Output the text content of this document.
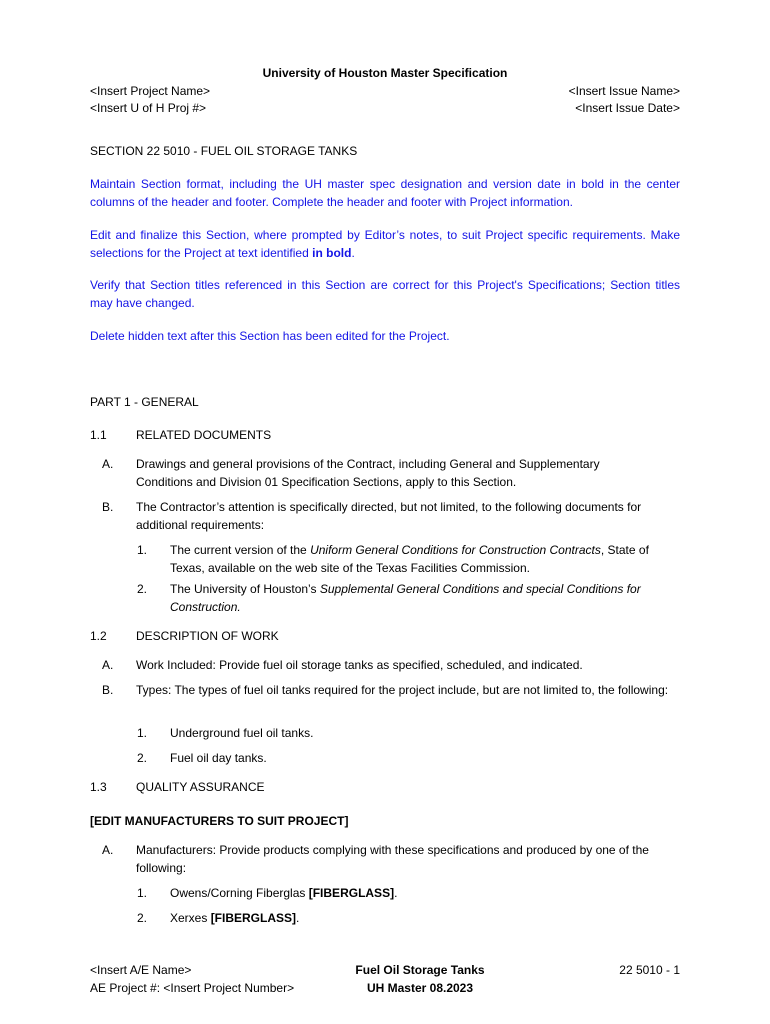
University of Houston Master Specification
<Insert Project Name>
<Insert U of H Proj #>
<Insert Issue Name>
<Insert Issue Date>
SECTION 22 5010 - FUEL OIL STORAGE TANKS
Maintain Section format, including the UH master spec designation and version date in bold in the center columns of the header and footer. Complete the header and footer with Project information.
Edit and finalize this Section, where prompted by Editor’s notes, to suit Project specific requirements. Make selections for the Project at text identified in bold.
Verify that Section titles referenced in this Section are correct for this Project's Specifications; Section titles may have changed.
Delete hidden text after this Section has been edited for the Project.
PART 1 - GENERAL
1.1 RELATED DOCUMENTS
A. Drawings and general provisions of the Contract, including General and Supplementary Conditions and Division 01 Specification Sections, apply to this Section.
B. The Contractor’s attention is specifically directed, but not limited, to the following documents for additional requirements:
1. The current version of the Uniform General Conditions for Construction Contracts, State of Texas, available on the web site of the Texas Facilities Commission.
2. The University of Houston’s Supplemental General Conditions and special Conditions for Construction.
1.2 DESCRIPTION OF WORK
A. Work Included: Provide fuel oil storage tanks as specified, scheduled, and indicated.
B. Types: The types of fuel oil tanks required for the project include, but are not limited to, the following:
1. Underground fuel oil tanks.
2. Fuel oil day tanks.
1.3 QUALITY ASSURANCE
[EDIT MANUFACTURERS TO SUIT PROJECT]
A. Manufacturers: Provide products complying with these specifications and produced by one of the following:
1. Owens/Corning Fiberglas [FIBERGLASS].
2. Xerxes [FIBERGLASS].
<Insert A/E Name>
AE Project #: <Insert Project Number>
Fuel Oil Storage Tanks
UH Master 08.2023
22 5010 - 1
